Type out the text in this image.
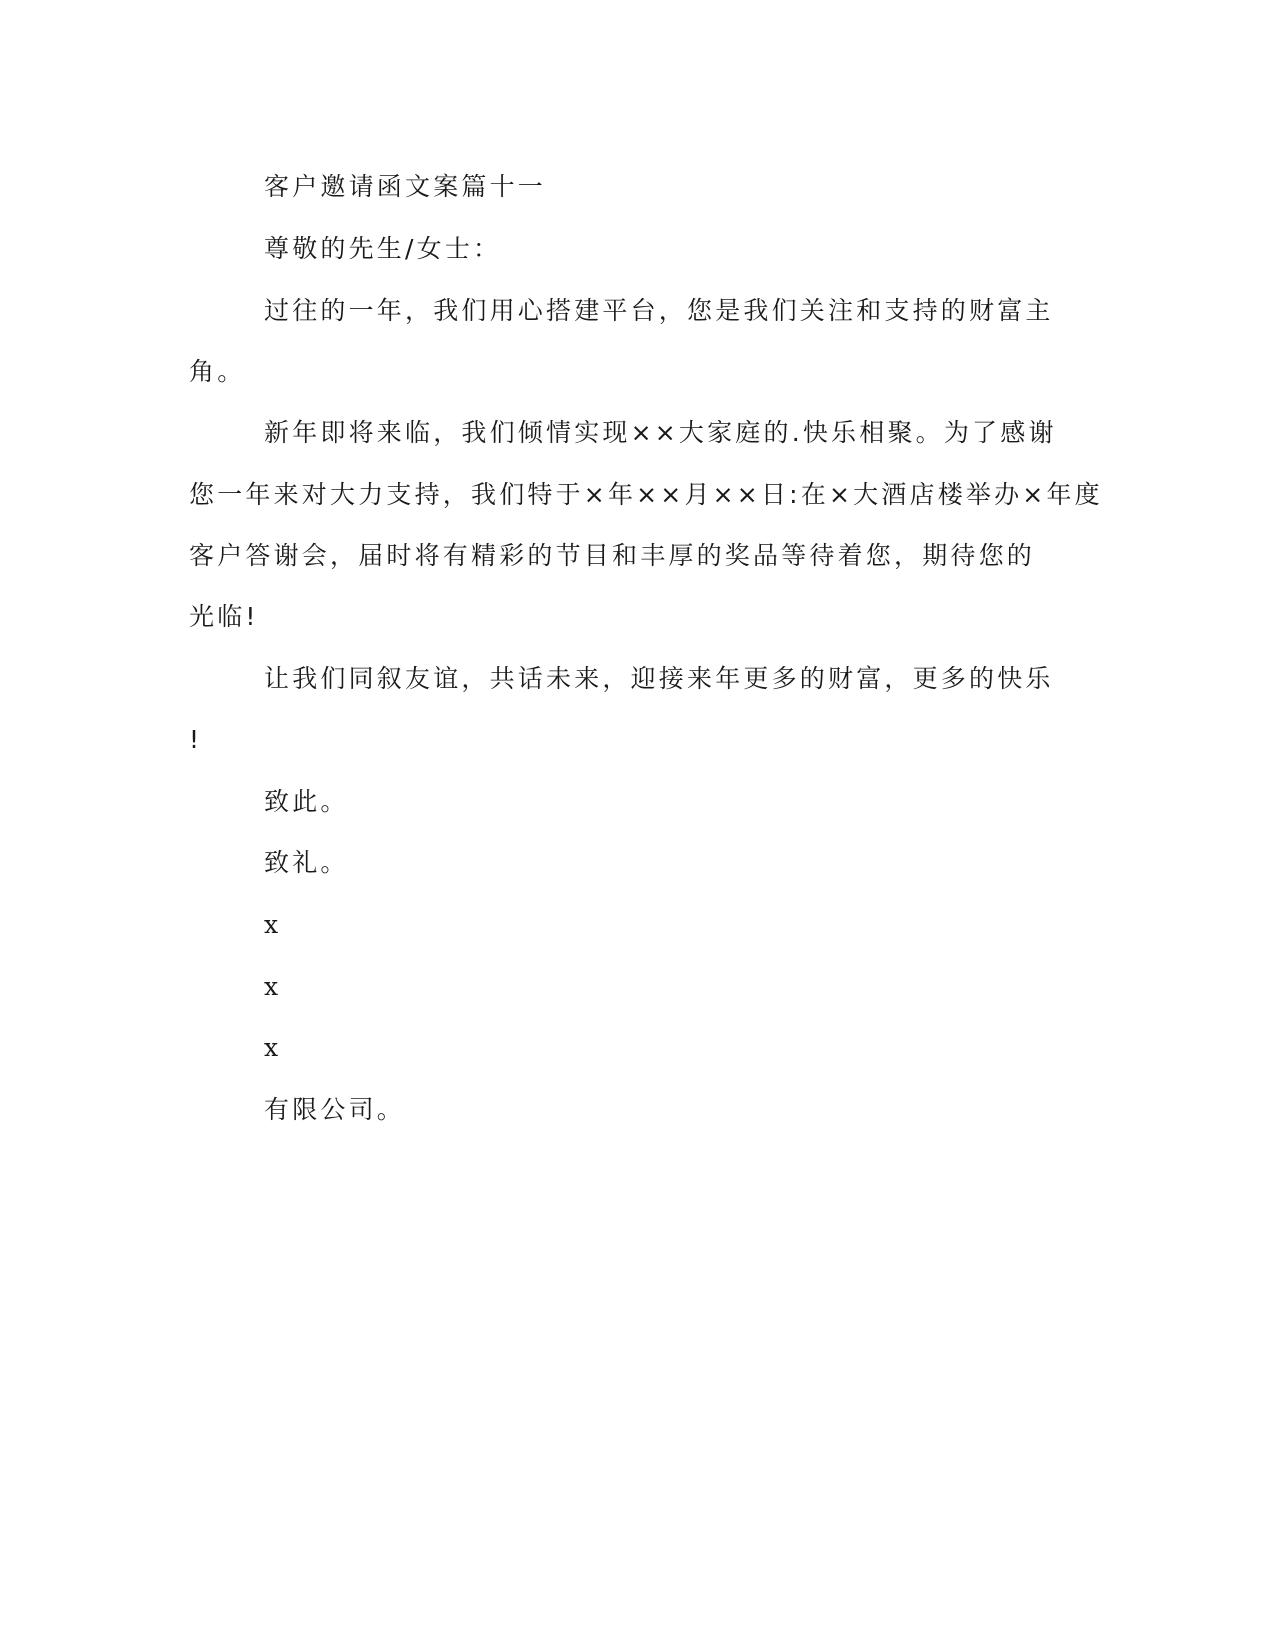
客户邀请函文案篇十一
尊敬的先生/女士：
过往的一年，我们用心搭建平台，您是我们关注和支持的财富主
角。
新年即将来临，我们倾情实现××大家庭的.快乐相聚。为了感谢
您一年来对大力支持，我们特于×年××月××日:在×大酒店楼举办×年度
客户答谢会，届时将有精彩的节目和丰厚的奖品等待着您，期待您的
光临!
让我们同叙友谊，共话未来，迎接来年更多的财富，更多的快乐
!
致此。
致礼。
x
x
x
有限公司。
